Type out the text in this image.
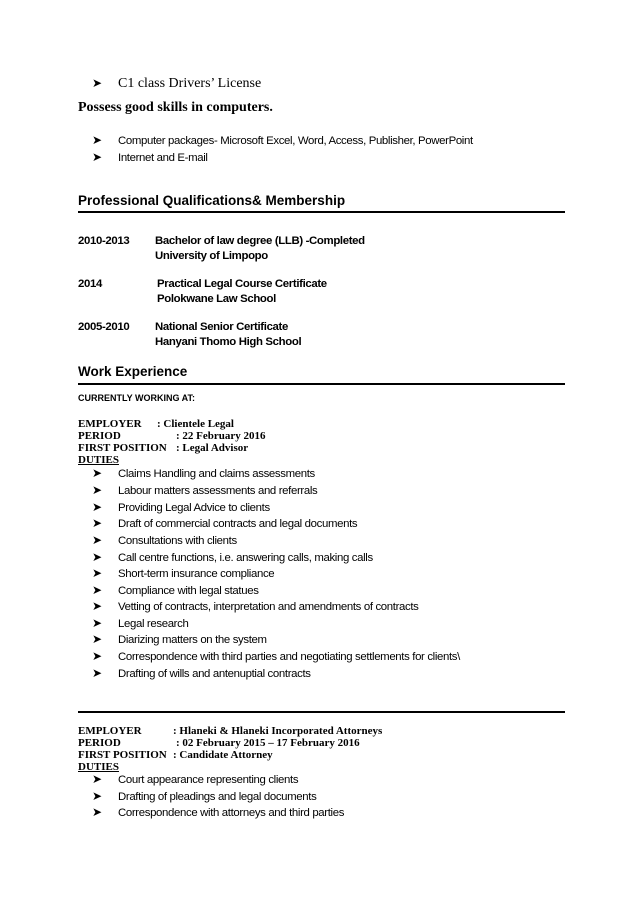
➤	C1 class Drivers’ License
Possess good skills in computers.
➤	Computer packages- Microsoft Excel, Word, Access, Publisher, PowerPoint
➤	Internet and E-mail
Professional Qualifications& Membership
2010-2013 Bachelor of law degree (LLB) -Completed
University of Limpopo
2014	Practical Legal Course Certificate
Polokwane Law School
2005-2010 National Senior Certificate
Hanyani Thomo High School
Work Experience
CURRENTLY WORKING AT:
EMPLOYER : Clientele Legal
PERIOD	: 22 February 2016
FIRST POSITION : Legal Advisor
DUTIES
➤	Claims Handling and claims assessments
➤	Labour matters assessments and referrals
➤	Providing Legal Advice to clients
➤	Draft of commercial contracts and legal documents
➤	Consultations with clients
➤	Call centre functions, i.e. answering calls, making calls
➤	Short-term insurance compliance
➤	Compliance with legal statues
➤	Vetting of contracts, interpretation and amendments of contracts
➤	Legal research
➤	Diarizing matters on the system
➤	Correspondence with third parties and negotiating settlements for clients\
➤	Drafting of wills and antenuptial contracts
EMPLOYER	: Hlaneki & Hlaneki Incorporated Attorneys
PERIOD	: 02 February 2015 – 17 February 2016
FIRST POSITION : Candidate Attorney
DUTIES
➤	Court appearance representing clients
➤	Drafting of pleadings and legal documents
➤	Correspondence with attorneys and third parties
